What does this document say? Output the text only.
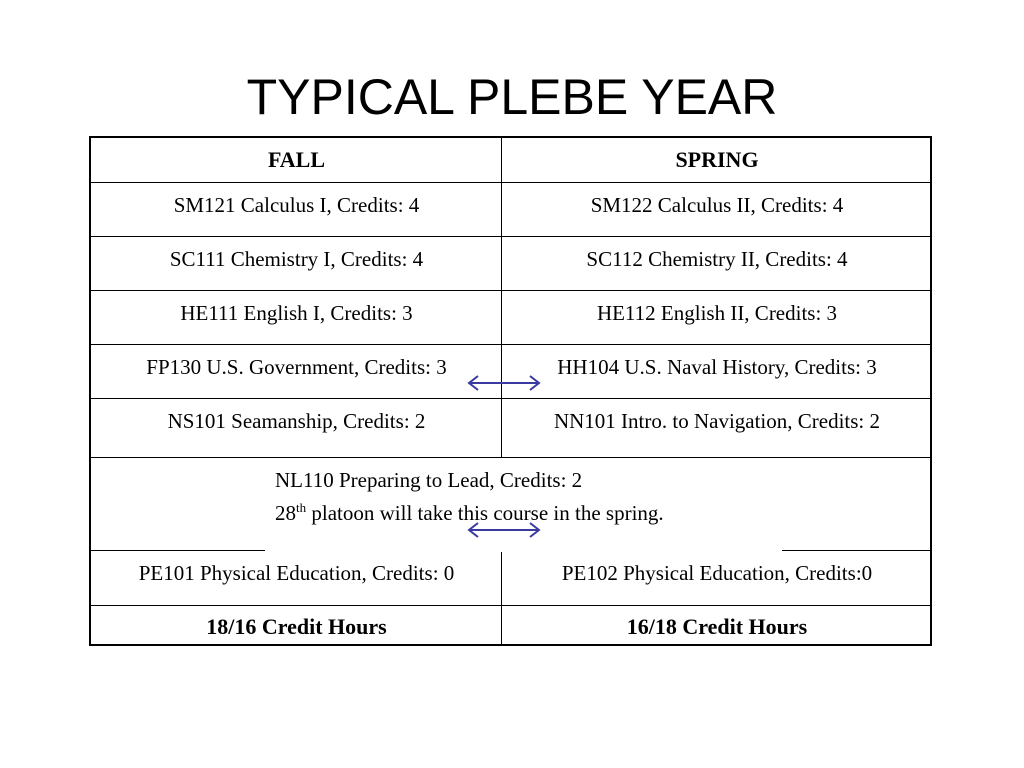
TYPICAL PLEBE YEAR
FALL	SPRING
SM121 Calculus I, Credits: 4	SM122 Calculus II, Credits: 4
SC111 Chemistry I, Credits: 4	SC112 Chemistry II, Credits: 4
HE111 English I, Credits: 3	HE112 English II, Credits: 3
FP130 U.S. Government, Credits: 3	HH104 U.S. Naval History, Credits: 3
NS101 Seamanship, Credits: 2	NN101 Intro. to Navigation, Credits: 2
PE101 Physical Education, Credits: 0	PE102 Physical Education, Credits:0
18/16 Credit Hours	16/18 Credit Hours
NL110 Preparing to Lead, Credits: 2
28th platoon will take this course in the spring.
